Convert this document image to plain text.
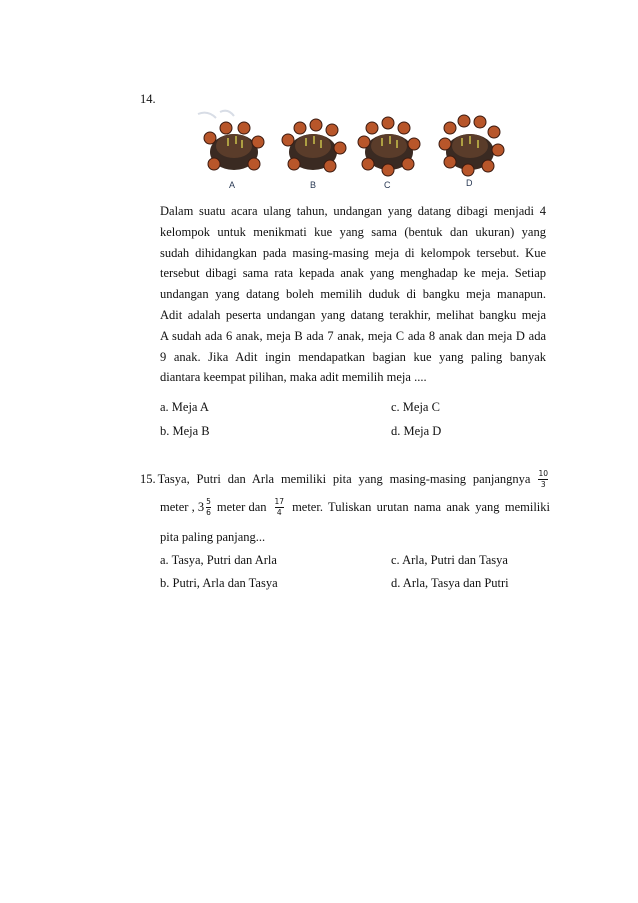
14.
A	B	C	D
Dalam suatu acara ulang tahun, undangan yang datang dibagi menjadi 4
kelompok untuk menikmati kue yang sama (bentuk dan ukuran) yang
sudah dihidangkan pada masing-masing meja di kelompok tersebut. Kue
tersebut dibagi sama rata kepada anak yang menghadap ke meja. Setiap
undangan yang datang boleh memilih duduk di bangku meja manapun.
Adit adalah peserta undangan yang datang terakhir, melihat bangku meja
A sudah ada 6 anak, meja B ada 7 anak, meja C ada 8 anak dan meja D ada
9 anak. Jika Adit ingin mendapatkan bagian kue yang paling banyak
diantara keempat pilihan, maka adit memilih meja ....
a. Meja A	c. Meja C
b. Meja B	d. Meja D
15. Tasya, Putri dan Arla memiliki pita yang masing-masing panjangnya $\frac{10}{3}$
meter , $3 \frac{5}{6}$ meter dan $\frac{17}{4}$ meter. Tuliskan urutan nama anak yang memiliki
pita paling panjang...
a. Tasya, Putri dan Arla	c. Arla, Putri dan Tasya
b. Putri, Arla dan Tasya	d. Arla, Tasya dan Putri
